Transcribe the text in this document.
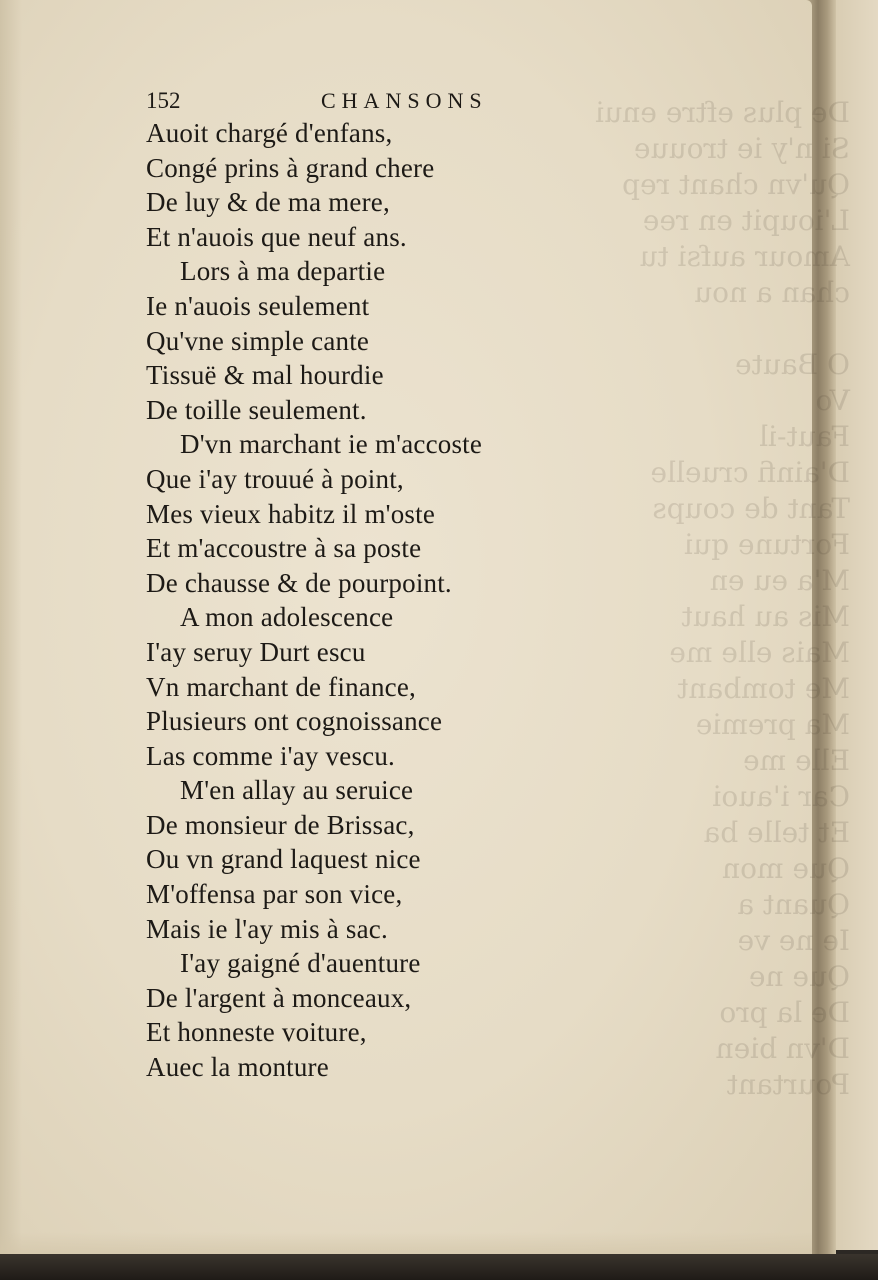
De plus eftre enui
Si n'y ie trouue
Qu'vn chant rep
L'ioupit en ree
Amour aufsi tu
chan a nou

O Baute
Vo
Faut-il
D'ainfi cruelle
Tant de coups
Fortune qui
M'a eu en
Mis au haut
Mais elle me
Me tombant
Ma premie
Elle me
Car i'auoi
Et telle ba
Que mon
Quant a
Ie ne ve
Que ne
De la pro
D'vn bien
Pourtant
152	CHANSONS
Auoit chargé d'enfans,
Congé prins à grand chere
De luy & de ma mere,
Et n'auois que neuf ans.
Lors à ma departie
Ie n'auois seulement
Qu'vne simple cante
Tissuë & mal hourdie
De toille seulement.
D'vn marchant ie m'accoste
Que i'ay trouué à point,
Mes vieux habitz il m'oste
Et m'accoustre à sa poste
De chausse & de pourpoint.
A mon adolescence
I'ay seruy Durt escu
Vn marchant de finance,
Plusieurs ont cognoissance
Las comme i'ay vescu.
M'en allay au seruice
De monsieur de Brissac,
Ou vn grand laquest nice
M'offensa par son vice,
Mais ie l'ay mis à sac.
I'ay gaigné d'auenture
De l'argent à monceaux,
Et honneste voiture,
Auec la monture
